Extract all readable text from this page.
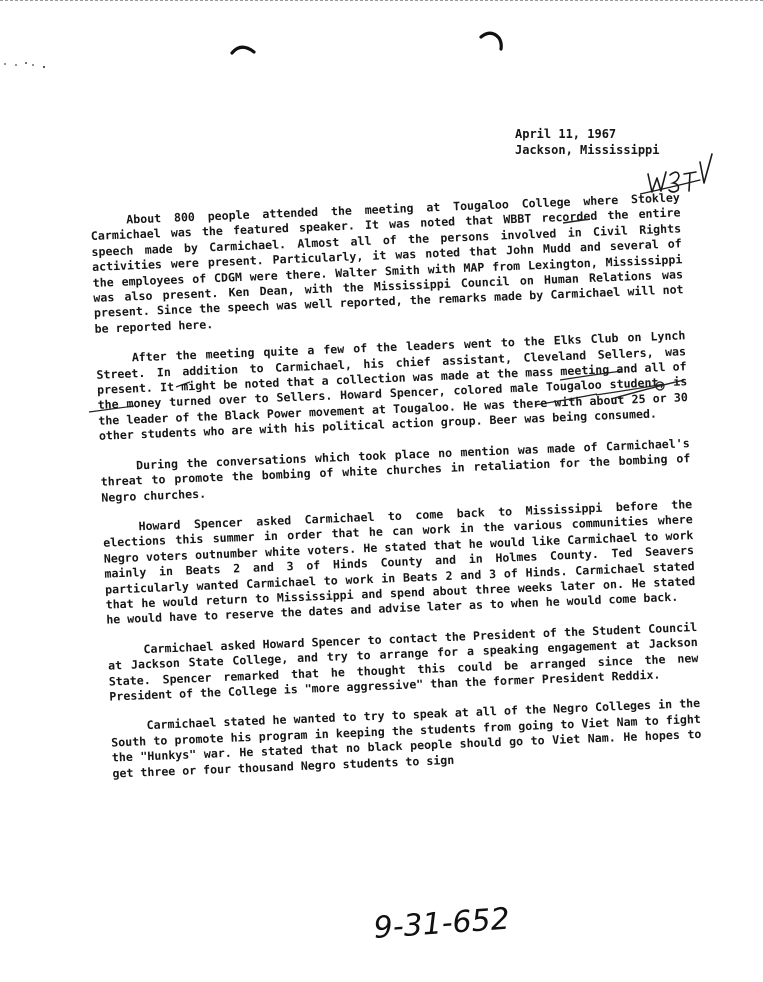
April 11, 1967
Jackson, Mississippi

About 800 people attended the meeting at Tougaloo College where Stokley Carmichael was the featured speaker. It was noted that WBBT recorded the entire speech made by Carmichael. Almost all of the persons involved in Civil Rights activities were present. Particularly, it was noted that John Mudd and several of the employees of CDGM were there. Walter Smith with MAP from Lexington, Mississippi was also present. Ken Dean, with the Mississippi Council on Human Relations was present. Since the speech was well reported, the remarks made by Carmichael will not be reported here.

After the meeting quite a few of the leaders went to the Elks Club on Lynch Street. In addition to Carmichael, his chief assistant, Cleveland Sellers, was present. It might be noted that a collection was made at the mass meeting and all of the money turned over to Sellers. Howard Spencer, colored male Tougaloo student, is the leader of the Black Power movement at Tougaloo. He was there with about 25 or 30 other students who are with his political action group. Beer was being consumed.

During the conversations which took place no mention was made of Carmichael's threat to promote the bombing of white churches in retaliation for the bombing of Negro churches.

Howard Spencer asked Carmichael to come back to Mississippi before the elections this summer in order that he can work in the various communities where Negro voters outnumber white voters. He stated that he would like Carmichael to work mainly in Beats 2 and 3 of Hinds County and in Holmes County. Ted Seavers particularly wanted Carmichael to work in Beats 2 and 3 of Hinds. Carmichael stated that he would return to Mississippi and spend about three weeks later on. He stated he would have to reserve the dates and advise later as to when he would come back.

Carmichael asked Howard Spencer to contact the President of the Student Council at Jackson State College, and try to arrange for a speaking engagement at Jackson State. Spencer remarked that he thought this could be arranged since the new President of the College is "more aggressive" than the former President Reddix.

Carmichael stated he wanted to try to speak at all of the Negro Colleges in the South to promote his program in keeping the students from going to Viet Nam to fight the "Hunkys" war. He stated that no black people should go to Viet Nam. He hopes to get three or four thousand Negro students to sign

9-31-652
